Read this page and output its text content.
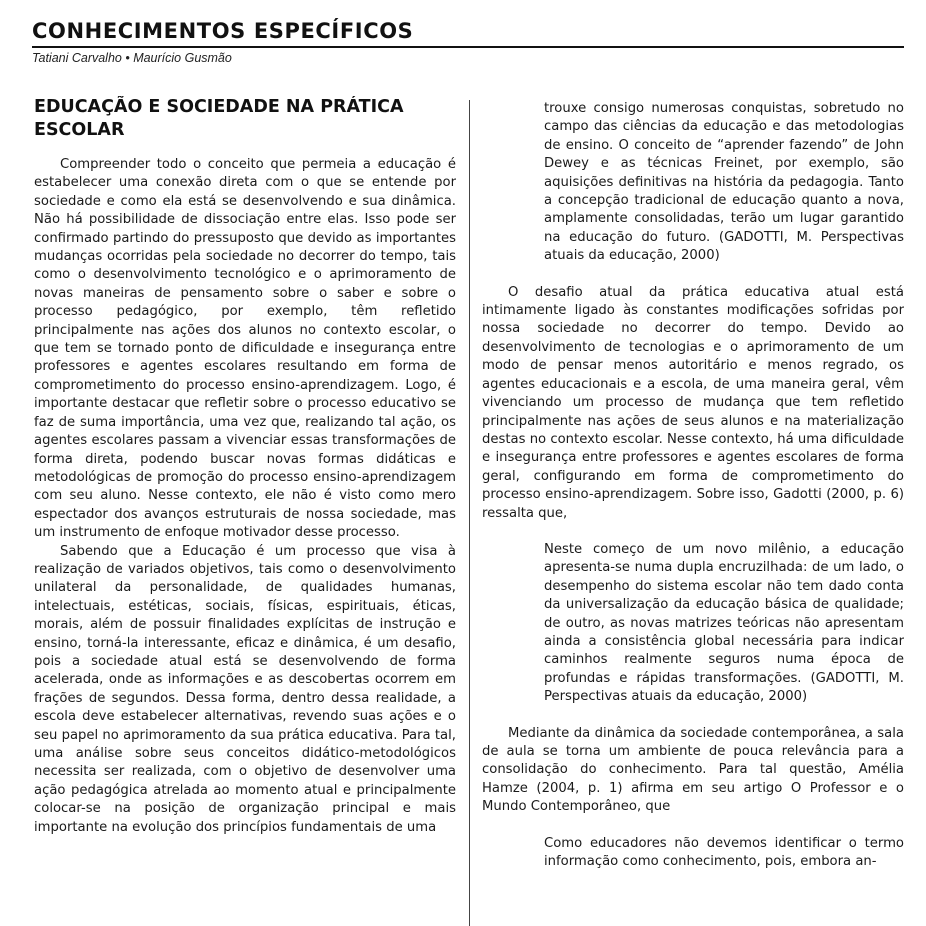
CONHECIMENTOS ESPECÍFICOS
Tatiani Carvalho • Maurício Gusmão
EDUCAÇÃO E SOCIEDADE NA PRÁTICA ESCOLAR

Compreender todo o conceito que permeia a educação é estabelecer uma conexão direta com o que se entende por sociedade e como ela está se desenvolvendo e sua dinâmica. Não há possibilidade de dissociação entre elas. Isso pode ser confirmado partindo do pressuposto que devido as importantes mudanças ocorridas pela sociedade no decorrer do tempo, tais como o desenvolvimento tecnológico e o aprimoramento de novas maneiras de pensamento sobre o saber e sobre o processo pedagógico, por exemplo, têm refletido principalmente nas ações dos alunos no contexto escolar, o que tem se tornado ponto de dificuldade e insegurança entre professores e agentes escolares resultando em forma de comprometimento do processo ensino-aprendizagem. Logo, é importante destacar que refletir sobre o processo educativo se faz de suma importância, uma vez que, realizando tal ação, os agentes escolares passam a vivenciar essas transformações de forma direta, podendo buscar novas formas didáticas e metodológicas de promoção do processo ensino-aprendizagem com seu aluno. Nesse contexto, ele não é visto como mero espectador dos avanços estruturais de nossa sociedade, mas um instrumento de enfoque motivador desse processo.

Sabendo que a Educação é um processo que visa à realização de variados objetivos, tais como o desenvolvimento unilateral da personalidade, de qualidades humanas, intelectuais, estéticas, sociais, físicas, espirituais, éticas, morais, além de possuir finalidades explícitas de instrução e ensino, torná-la interessante, eficaz e dinâmica, é um desafio, pois a sociedade atual está se desenvolvendo de forma acelerada, onde as informações e as descobertas ocorrem em frações de segundos. Dessa forma, dentro dessa realidade, a escola deve estabelecer alternativas, revendo suas ações e o seu papel no aprimoramento da sua prática educativa. Para tal, uma análise sobre seus conceitos didático-metodológicos necessita ser realizada, com o objetivo de desenvolver uma ação pedagógica atrelada ao momento atual e principalmente colocar-se na posição de organização principal e mais importante na evolução dos princípios fundamentais de uma

trouxe consigo numerosas conquistas, sobretudo no campo das ciências da educação e das metodologias de ensino. O conceito de “aprender fazendo” de John Dewey e as técnicas Freinet, por exemplo, são aquisições definitivas na história da pedagogia. Tanto a concepção tradicional de educação quanto a nova, amplamente consolidadas, terão um lugar garantido na educação do futuro. (GADOTTI, M. Perspectivas atuais da educação, 2000)

O desafio atual da prática educativa atual está intimamente ligado às constantes modificações sofridas por nossa sociedade no decorrer do tempo. Devido ao desenvolvimento de tecnologias e o aprimoramento de um modo de pensar menos autoritário e menos regrado, os agentes educacionais e a escola, de uma maneira geral, vêm vivenciando um processo de mudança que tem refletido principalmente nas ações de seus alunos e na materialização destas no contexto escolar. Nesse contexto, há uma dificuldade e insegurança entre professores e agentes escolares de forma geral, configurando em forma de comprometimento do processo ensino-aprendizagem. Sobre isso, Gadotti (2000, p. 6) ressalta que,

Neste começo de um novo milênio, a educação apresenta-se numa dupla encruzilhada: de um lado, o desempenho do sistema escolar não tem dado conta da universalização da educação básica de qualidade; de outro, as novas matrizes teóricas não apresentam ainda a consistência global necessária para indicar caminhos realmente seguros numa época de profundas e rápidas transformações. (GADOTTI, M. Perspectivas atuais da educação, 2000)

Mediante da dinâmica da sociedade contemporânea, a sala de aula se torna um ambiente de pouca relevância para a consolidação do conhecimento. Para tal questão, Amélia Hamze (2004, p. 1) afirma em seu artigo O Professor e o Mundo Contemporâneo, que

Como educadores não devemos identificar o termo informação como conhecimento, pois, embora an-
